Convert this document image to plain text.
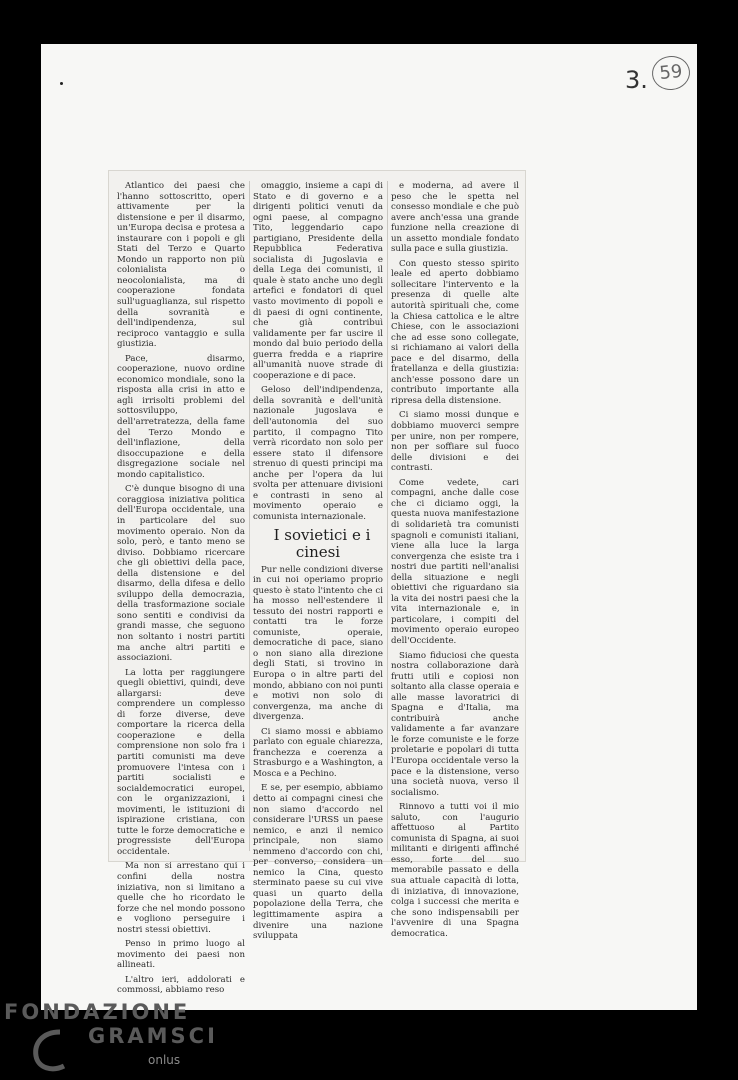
3. 59

Atlantico dei paesi che l'hanno sottoscritto, operi attivamente per la distensione e per il disarmo, un'Europa decisa e protesa a instaurare con i popoli e gli Stati del Terzo e Quarto Mondo un rapporto non più colonialista o neocolonialista, ma di cooperazione fondata sull'uguaglianza, sul rispetto della sovranità e dell'indipendenza, sul reciproco vantaggio e sulla giustizia.

Pace, disarmo, cooperazione, nuovo ordine economico mondiale, sono la risposta alla crisi in atto e agli irrisolti problemi del sottosviluppo, dell'arretratezza, della fame del Terzo Mondo e dell'inflazione, della disoccupazione e della disgregazione sociale nel mondo capitalistico.

C'è dunque bisogno di una coraggiosa iniziativa politica dell'Europa occidentale, una in particolare del suo movimento operaio. Non da solo, però, e tanto meno se diviso. Dobbiamo ricercare che gli obiettivi della pace, della distensione e del disarmo, della difesa e dello sviluppo della democrazia, della trasformazione sociale sono sentiti e condivisi da grandi masse, che seguono non soltanto i nostri partiti ma anche altri partiti e associazioni.

La lotta per raggiungere quegli obiettivi, quindi, deve allargarsi: deve comprendere un complesso di forze diverse, deve comportare la ricerca della cooperazione e della comprensione non solo fra i partiti comunisti ma deve promuovere l'intesa con i partiti socialisti e socialdemocratici europei, con le organizzazioni, i movimenti, le istituzioni di ispirazione cristiana, con tutte le forze democratiche e progressiste dell'Europa occidentale.

Ma non si arrestano qui i confini della nostra iniziativa, non si limitano a quelle che ho ricordato le forze che nel mondo possono e vogliono perseguire i nostri stessi obiettivi.

Penso in primo luogo al movimento dei paesi non allineati.

L'altro ieri, addolorati e commossi, abbiamo reso

omaggio, insieme a capi di Stato e di governo e a dirigenti politici venuti da ogni paese, al compagno Tito, leggendario capo partigiano, Presidente della Repubblica Federativa socialista di Jugoslavia e della Lega dei comunisti, il quale è stato anche uno degli artefici e fondatori di quel vasto movimento di popoli e di paesi di ogni continente, che già contribuì validamente per far uscire il mondo dal buio periodo della guerra fredda e a riaprire all'umanità nuove strade di cooperazione e di pace.

Geloso dell'indipendenza, della sovranità e dell'unità nazionale jugoslava e dell'autonomia del suo partito, il compagno Tito verrà ricordato non solo per essere stato il difensore strenuo di questi principi ma anche per l'opera da lui svolta per attenuare divisioni e contrasti in seno al movimento operaio e comunista internazionale.

I sovietici e i cinesi

Pur nelle condizioni diverse in cui noi operiamo proprio questo è stato l'intento che ci ha mosso nell'estendere il tessuto dei nostri rapporti e contatti tra le forze comuniste, operaie, democratiche di pace, siano o non siano alla direzione degli Stati, si trovino in Europa o in altre parti del mondo, abbiano con noi punti e motivi non solo di convergenza, ma anche di divergenza.

Ci siamo mossi e abbiamo parlato con eguale chiarezza, franchezza e coerenza a Strasburgo e a Washington, a Mosca e a Pechino.

E se, per esempio, abbiamo detto ai compagni cinesi che non siamo d'accordo nel considerare l'URSS un paese nemico, e anzi il nemico principale, non siamo nemmeno d'accordo con chi, per converso, considera un nemico la Cina, questo sterminato paese su cui vive quasi un quarto della popolazione della Terra, che legittimamente aspira a divenire una nazione sviluppata

e moderna, ad avere il peso che le spetta nel consesso mondiale e che può avere anch'essa una grande funzione nella creazione di un assetto mondiale fondato sulla pace e sulla giustizia.

Con questo stesso spirito leale ed aperto dobbiamo sollecitare l'intervento e la presenza di quelle alte autorità spirituali che, come la Chiesa cattolica e le altre Chiese, con le associazioni che ad esse sono collegate, si richiamano ai valori della pace e del disarmo, della fratellanza e della giustizia: anch'esse possono dare un contributo importante alla ripresa della distensione.

Ci siamo mossi dunque e dobbiamo muoverci sempre per unire, non per rompere, non per soffiare sul fuoco delle divisioni e dei contrasti.

Come vedete, cari compagni, anche dalle cose che ci diciamo oggi, la questa nuova manifestazione di solidarietà tra comunisti spagnoli e comunisti italiani, viene alla luce la larga convergenza che esiste tra i nostri due partiti nell'analisi della situazione e negli obiettivi che riguardano sia la vita dei nostri paesi che la vita internazionale e, in particolare, i compiti del movimento operaio europeo dell'Occidente.

Siamo fiduciosi che questa nostra collaborazione darà frutti utili e copiosi non soltanto alla classe operaia e alle masse lavoratrici di Spagna e d'Italia, ma contribuirà anche validamente a far avanzare le forze comuniste e le forze proletarie e popolari di tutta l'Europa occidentale verso la pace e la distensione, verso una società nuova, verso il socialismo.

Rinnovo a tutti voi il mio saluto, con l'augurio affettuoso al Partito comunista di Spagna, ai suoi militanti e dirigenti affinché esso, forte del suo memorabile passato e della sua attuale capacità di lotta, di iniziativa, di innovazione, colga i successi che merita e che sono indispensabili per l'avvenire di una Spagna democratica.

FONDAZIONE
GRAMSCI
onlus
